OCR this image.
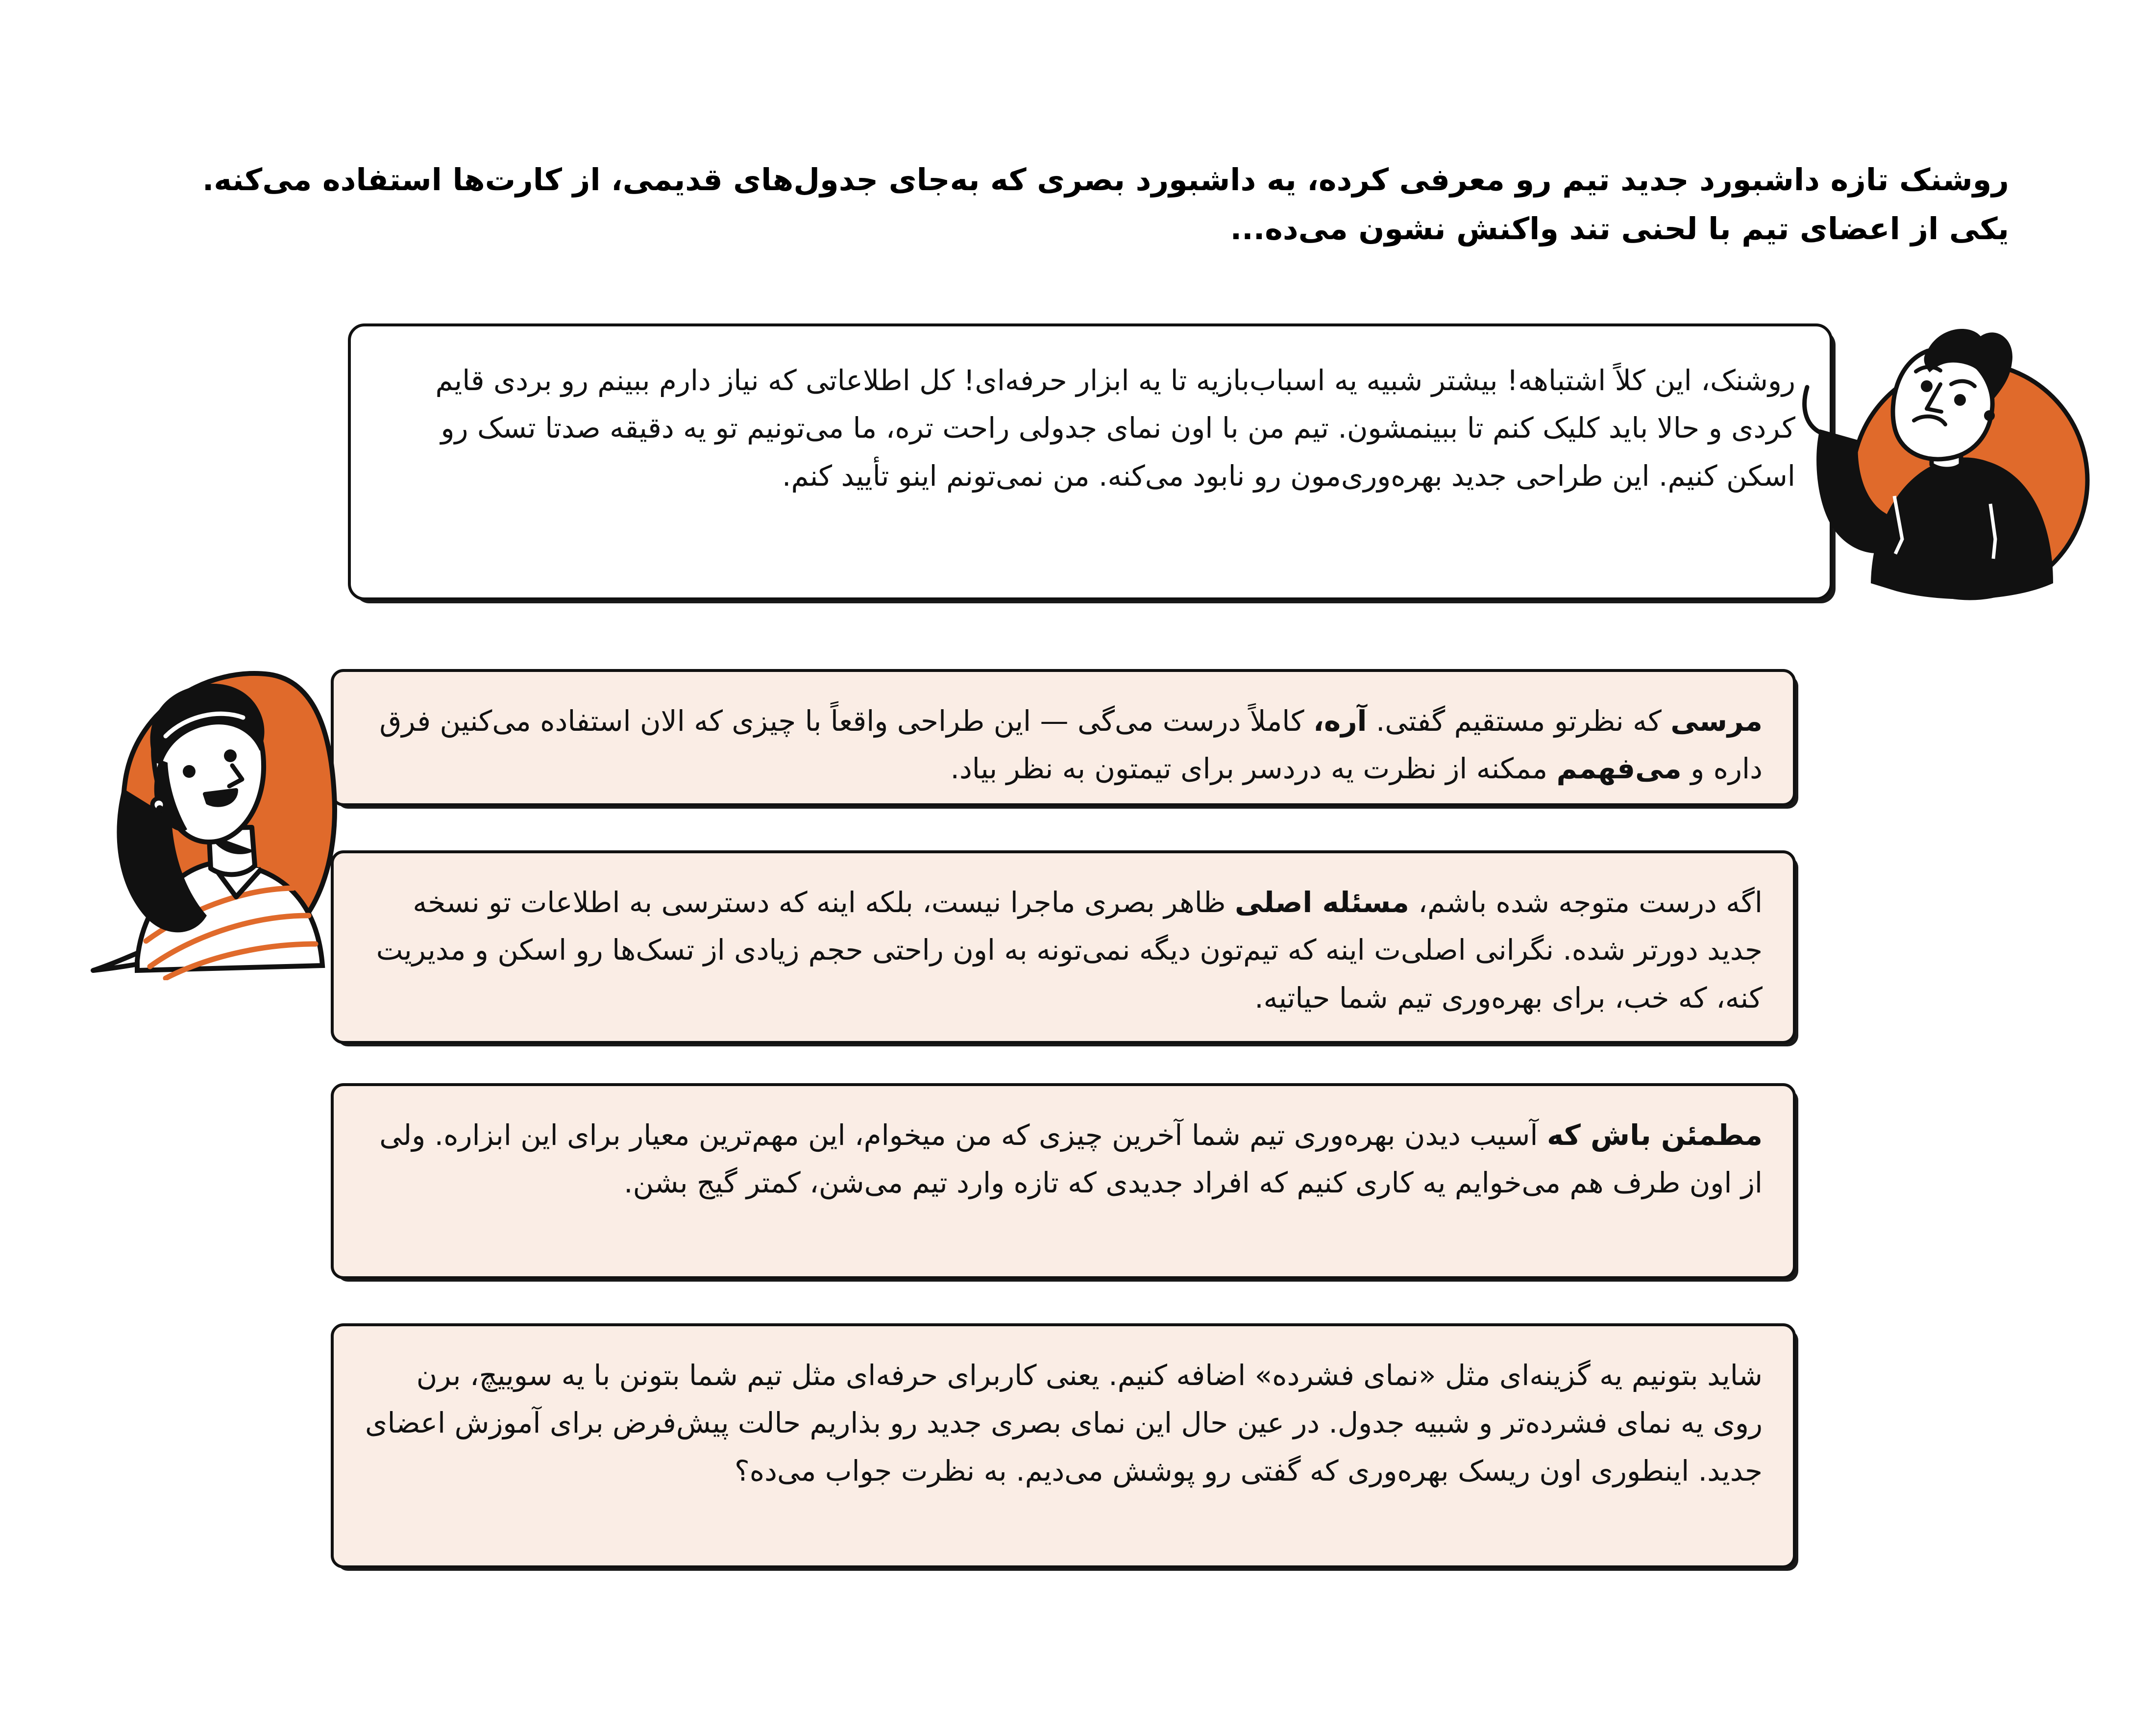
روشنک تازه داشبورد جدید تیم رو معرفی کرده، یه داشبورد بصری که به‌جای جدول‌های قدیمی، از کارت‌ها استفاده می‌کنه. یکی از اعضای تیم با لحنی تند واکنش نشون می‌ده...

روشنک، این کلاً اشتباهه! بیشتر شبیه یه اسباب‌بازیه تا یه ابزار حرفه‌ای! کل اطلاعاتی که نیاز دارم ببینم رو بردی قایم کردی و حالا باید کلیک کنم تا ببینمشون. تیم من با اون نمای جدولی راحت تره، ما می‌تونیم تو یه دقیقه صدتا تسک رو اسکن کنیم. این طراحی جدید بهره‌وری‌مون رو نابود می‌کنه. من نمی‌تونم اینو تأیید کنم.
مرسی که نظرتو مستقیم گفتی. آره، کاملاً درست می‌گی — این طراحی واقعاً با چیزی که الان استفاده می‌کنین فرق داره و می‌فهمم ممکنه از نظرت یه دردسر برای تیمتون به نظر بیاد.
اگه درست متوجه شده باشم، مسئله اصلی ظاهر بصری ماجرا نیست، بلکه اینه که دسترسی به اطلاعات تو نسخه جدید دورتر شده. نگرانی اصلی‌ت اینه که تیم‌تون دیگه نمی‌تونه به اون راحتی حجم زیادی از تسک‌ها رو اسکن و مدیریت کنه، که خب، برای بهره‌وری تیم شما حیاتیه.
مطمئن باش که آسیب دیدن بهره‌وری تیم شما آخرین چیزی که من میخوام، این مهم‌ترین معیار برای این ابزاره. ولی از اون طرف هم می‌خوایم یه کاری کنیم که افراد جدیدی که تازه وارد تیم می‌شن، کمتر گیج بشن.
شاید بتونیم یه گزینه‌ای مثل «نمای فشرده» اضافه کنیم. یعنی کاربرای حرفه‌ای مثل تیم شما بتونن با یه سوییچ، برن روی یه نمای فشرده‌تر و شبیه جدول. در عین حال این نمای بصری جدید رو بذاریم حالت پیش‌فرض برای آموزش اعضای جدید. اینطوری اون ریسک بهره‌وری که گفتی رو پوشش می‌دیم. به نظرت جواب می‌ده؟
